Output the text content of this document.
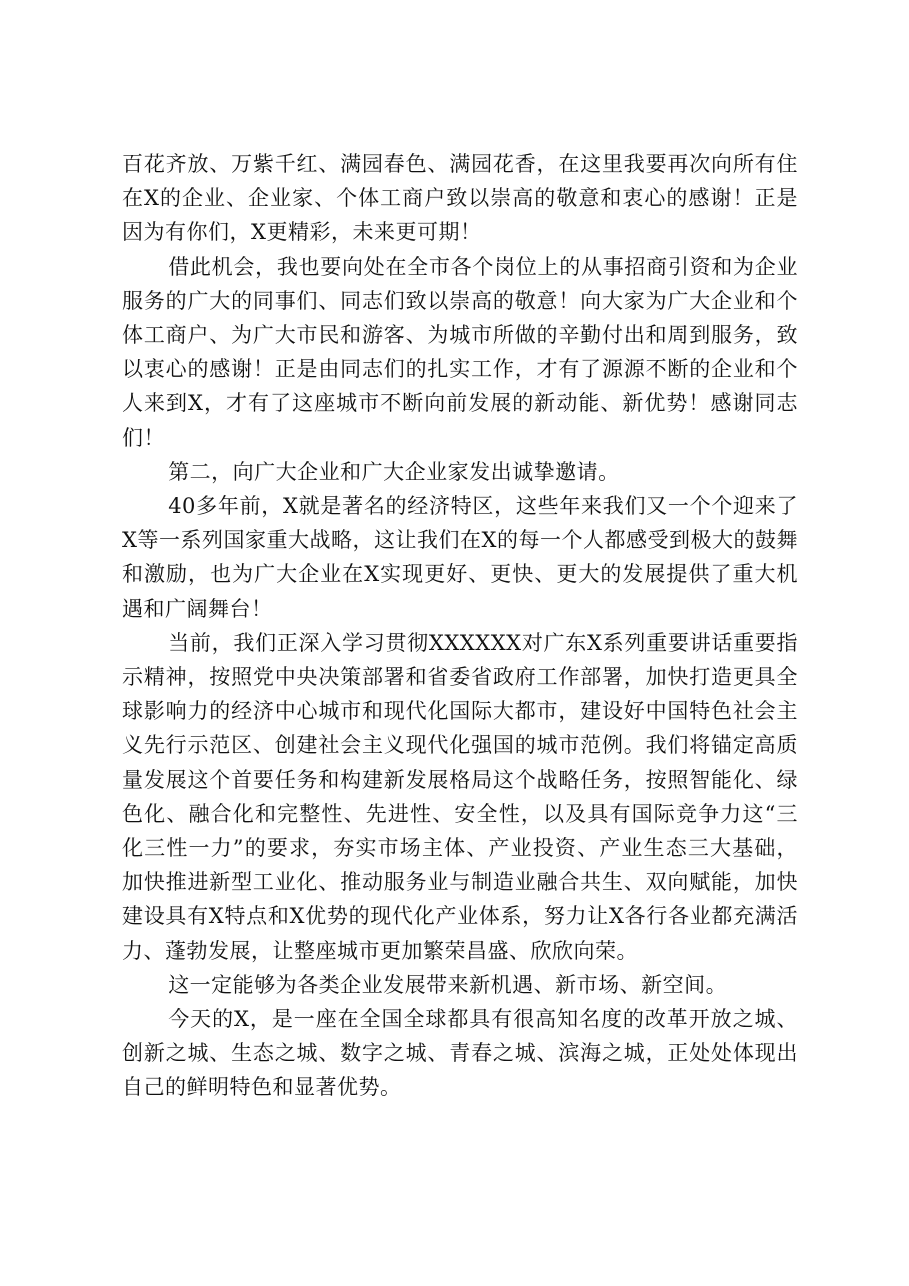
百花齐放、万紫千红、满园春色、满园花香，在这里我要再次向所有住在X的企业、企业家、个体工商户致以崇高的敬意和衷心的感谢！正是因为有你们，X更精彩，未来更可期！

借此机会，我也要向处在全市各个岗位上的从事招商引资和为企业服务的广大的同事们、同志们致以崇高的敬意！向大家为广大企业和个体工商户、为广大市民和游客、为城市所做的辛勤付出和周到服务，致以衷心的感谢！正是由同志们的扎实工作，才有了源源不断的企业和个人来到X，才有了这座城市不断向前发展的新动能、新优势！感谢同志们！

第二，向广大企业和广大企业家发出诚挚邀请。

40多年前，X就是著名的经济特区，这些年来我们又一个个迎来了X等一系列国家重大战略，这让我们在X的每一个人都感受到极大的鼓舞和激励，也为广大企业在X实现更好、更快、更大的发展提供了重大机遇和广阔舞台！

当前，我们正深入学习贯彻XXXXXX对广东X系列重要讲话重要指示精神，按照党中央决策部署和省委省政府工作部署，加快打造更具全球影响力的经济中心城市和现代化国际大都市，建设好中国特色社会主义先行示范区、创建社会主义现代化强国的城市范例。我们将锚定高质量发展这个首要任务和构建新发展格局这个战略任务，按照智能化、绿色化、融合化和完整性、先进性、安全性，以及具有国际竞争力这“三化三性一力”的要求，夯实市场主体、产业投资、产业生态三大基础，加快推进新型工业化、推动服务业与制造业融合共生、双向赋能，加快建设具有X特点和X优势的现代化产业体系，努力让X各行各业都充满活力、蓬勃发展，让整座城市更加繁荣昌盛、欣欣向荣。

这一定能够为各类企业发展带来新机遇、新市场、新空间。

今天的X，是一座在全国全球都具有很高知名度的改革开放之城、创新之城、生态之城、数字之城、青春之城、滨海之城，正处处体现出自己的鲜明特色和显著优势。
